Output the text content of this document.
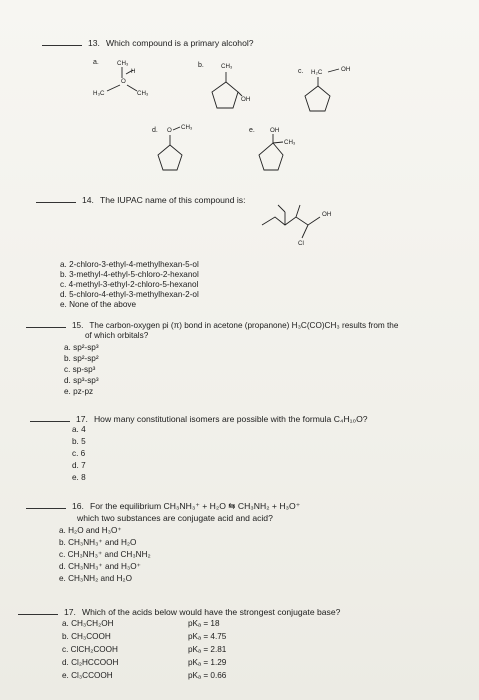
13. Which compound is a primary alcohol?
a.	CH₃
H
O
H₃C	CH₃
b.	CH₃
OH
c. H₂C	OH
d. O CH₃	e. OH
CH₃
14. The IUPAC name of this compound is:
OH
Cl
a. 2-chloro-3-ethyl-4-methylhexan-5-ol
b. 3-methyl-4-ethyl-5-chloro-2-hexanol
c. 4-methyl-3-ethyl-2-chloro-5-hexanol
d. 5-chloro-4-ethyl-3-methylhexan-2-ol
e. None of the above
15. The carbon-oxygen pi (π) bond in acetone (propanone) H₃C(CO)CH₃ results from the
of which orbitals?
a. sp²-sp³
b. sp²-sp²
c. sp-sp³
d. sp³-sp³
e. pz-pz
17. How many constitutional isomers are possible with the formula C₄H₁₀O?
a. 4
b. 5
c. 6
d. 7
e. 8
16. For the equilibrium CH₃NH₃⁺ + H₂O ⇆ CH₃NH₂ + H₃O⁺
which two substances are conjugate acid and acid?
a. H₂O and H₃O⁺
b. CH₃NH₃⁺ and H₂O
c. CH₃NH₃⁺ and CH₃NH₂
d. CH₃NH₃⁺ and H₃O⁺
e. CH₃NH₂ and H₂O
17. Which of the acids below would have the strongest conjugate base?
a. CH₃CH₂OH	pKₐ = 18
b. CH₃COOH	pKₐ = 4.75
c. ClCH₂COOH	pKₐ = 2.81
d. Cl₂HCCOOH	pKₐ = 1.29
e. Cl₃CCOOH	pKₐ = 0.66
